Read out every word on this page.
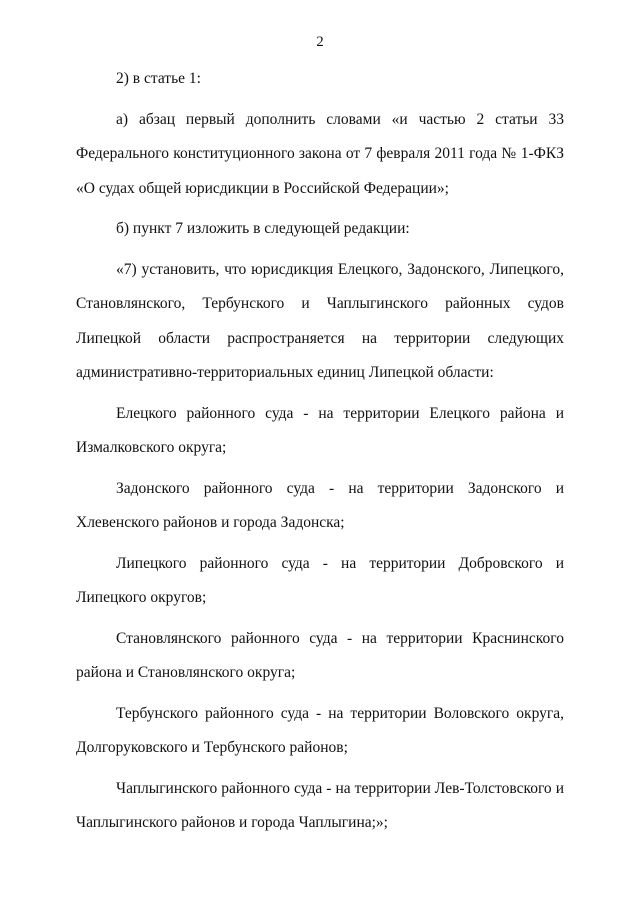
2

2) в статье 1:

а) абзац первый дополнить словами «и частью 2 статьи 33 Федерального конституционного закона от 7 февраля 2011 года № 1-ФКЗ «О судах общей юрисдикции в Российской Федерации»;

б) пункт 7 изложить в следующей редакции:

«7) установить, что юрисдикция Елецкого, Задонского, Липецкого, Становлянского, Тербунского и Чаплыгинского районных судов Липецкой области распространяется на территории следующих административно-территориальных единиц Липецкой области:

Елецкого районного суда - на территории Елецкого района и Измалковского округа;

Задонского районного суда - на территории Задонского и Хлевенского районов и города Задонска;

Липецкого районного суда - на территории Добровского и Липецкого округов;

Становлянского районного суда - на территории Краснинского района и Становлянского округа;

Тербунского районного суда - на территории Воловского округа, Долгоруковского и Тербунского районов;

Чаплыгинского районного суда - на территории Лев-Толстовского и Чаплыгинского районов и города Чаплыгина;»;
